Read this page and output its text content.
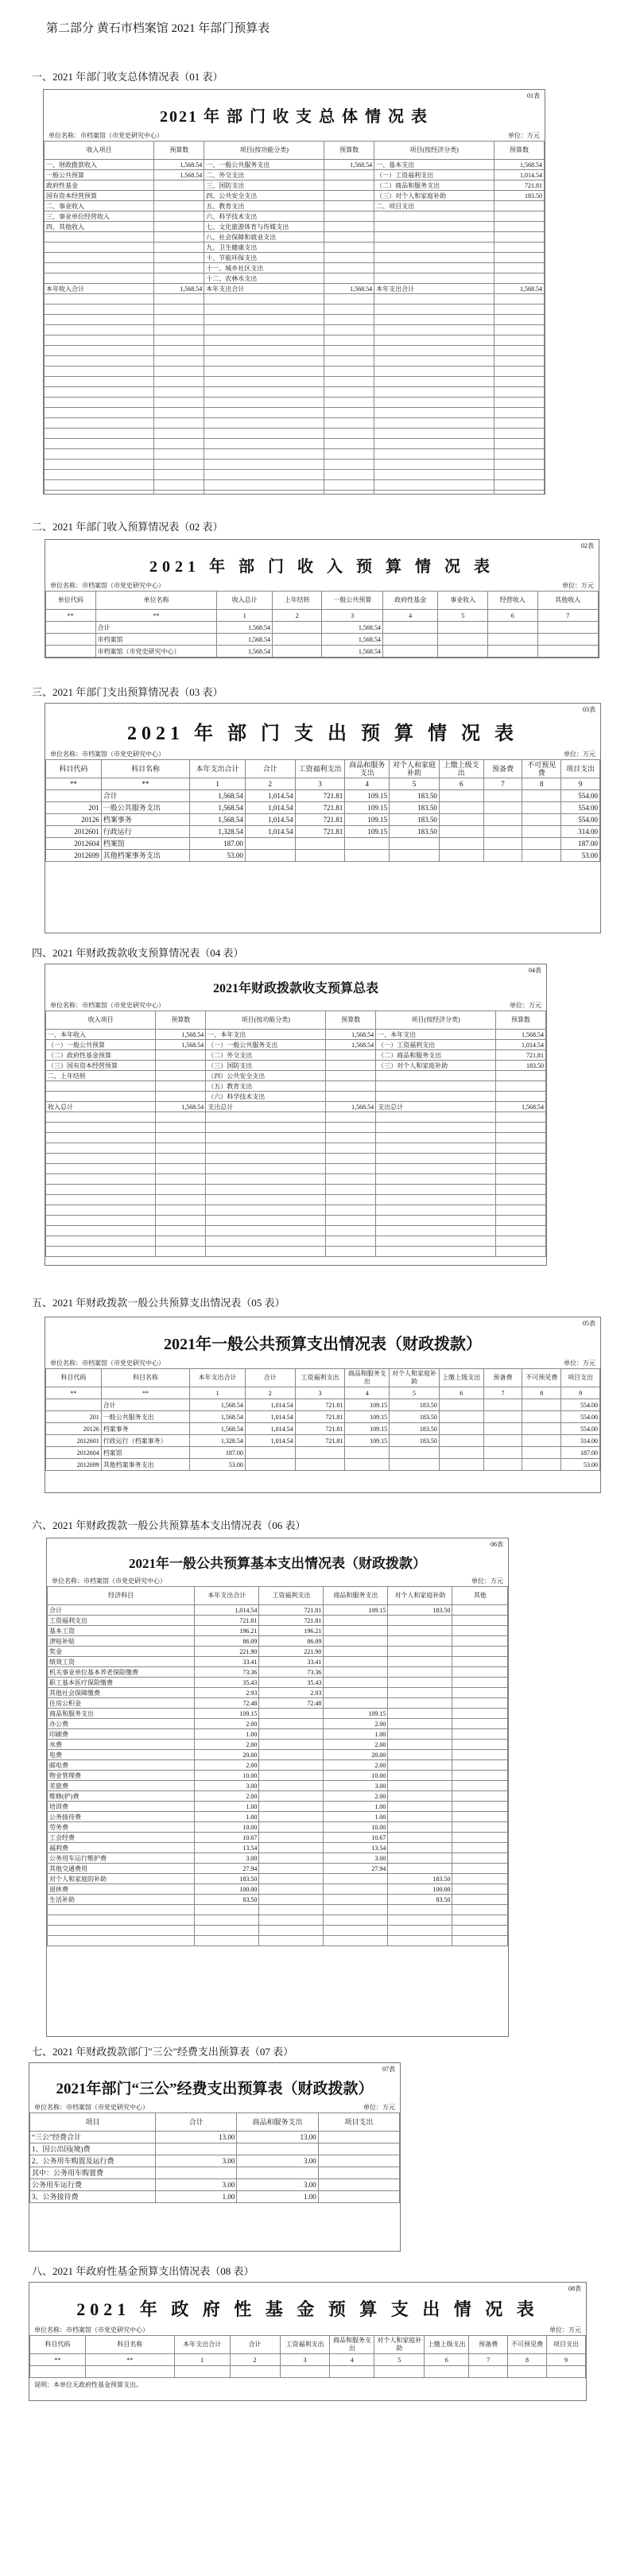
第二部分 黄石市档案馆 2021 年部门预算表
一、2021 年部门收支总体情况表（01 表）
01表
2021 年 部 门 收 支 总 体 情 况 表
单位名称：市档案馆（市党史研究中心）	单位：万元
收入项目	预算数	项目(按功能分类)	预算数	项目(按经济分类)	预算数
一、财政拨款收入	1,568.54	一、一般公共服务支出	1,568.54	一、基本支出	1,568.54
一般公共预算	1,568.54	二、外交支出		（一）工资福利支出	1,014.54
政府性基金		三、国防支出		（二）商品和服务支出	721.81
国有资本经营预算		四、公共安全支出		（三）对个人和家庭补助	183.50
二、事业收入		五、教育支出		二、项目支出	
三、事业单位经营收入		六、科学技术支出			
四、其他收入		七、文化旅游体育与传媒支出			
		八、社会保障和就业支出			
		九、卫生健康支出			
		十、节能环保支出			
		十一、城乡社区支出			
		十二、农林水支出			
本年收入合计	1,568.54	本年支出合计	1,568.54	本年支出合计	1,568.54

二、2021 年部门收入预算情况表（02 表）
02表
2021 年 部 门 收 入 预 算 情 况 表
单位名称：市档案馆（市党史研究中心）	单位：万元
单位代码	单位名称	收入总计	上年结转	一般公共预算	政府性基金	事业收入	经营收入	其他收入
**	**	1	2	3	4	5	6	7
	合计	1,568.54		1,568.54				
	市档案馆	1,568.54		1,568.54				
	市档案馆（市党史研究中心）	1,568.54		1,568.54				
三、2021 年部门支出预算情况表（03 表）
03表
2021 年 部 门 支 出 预 算 情 况 表
单位名称：市档案馆（市党史研究中心）	单位：万元
科目代码	科目名称	本年支出合计	合计	工资福利支出	商品和服务支出	对个人和家庭补助	上缴上级支出	预备费	不可预见费	项目支出
**	**	1	2	3	4	5	6	7	8	9
	合计	1,568.54	1,014.54	721.81	109.15	183.50				554.00
201	一般公共服务支出	1,568.54	1,014.54	721.81	109.15	183.50				554.00
20126	档案事务	1,568.54	1,014.54	721.81	109.15	183.50				554.00
2012601	行政运行	1,328.54	1,014.54	721.81	109.15	183.50				314.00
2012604	档案馆	187.00								187.00
2012699	其他档案事务支出	53.00								53.00
四、2021 年财政拨款收支预算情况表（04 表）
04表
2021年财政拨款收支预算总表
单位名称：市档案馆（市党史研究中心）	单位：万元
收入项目	预算数	项目(按功能分类)	预算数	项目(按经济分类)	预算数
一、本年收入	1,568.54	一、本年支出	1,568.54	一、本年支出	1,568.54
（一）一般公共预算	1,568.54	（一）一般公共服务支出	1,568.54	（一）工资福利支出	1,014.54
（二）政府性基金预算		（二）外交支出		（二）商品和服务支出	721.81
（三）国有资本经营预算		（三）国防支出		（三）对个人和家庭补助	183.50
二、上年结转		（四）公共安全支出			
		（五）教育支出			
		（六）科学技术支出			
收入总计	1,568.54	支出总计	1,568.54	支出总计	1,568.54

五、2021 年财政拨款一般公共预算支出情况表（05 表）
05表
2021年一般公共预算支出情况表（财政拨款）
单位名称：市档案馆（市党史研究中心）	单位：万元
科目代码	科目名称	本年支出合计	合计	工资福利支出	商品和服务支出	对个人和家庭补助	上缴上级支出	预备费	不可预见费	项目支出
**	**	1	2	3	4	5	6	7	8	9
	合计	1,568.54	1,014.54	721.81	109.15	183.50				554.00
201	一般公共服务支出	1,568.54	1,014.54	721.81	109.15	183.50				554.00
20126	档案事务	1,568.54	1,014.54	721.81	109.15	183.50				554.00
2012601	行政运行（档案事务）	1,328.54	1,014.54	721.81	109.15	183.50				314.00
2012604	档案馆	187.00								187.00
2012699	其他档案事务支出	53.00								53.00
六、2021 年财政拨款一般公共预算基本支出情况表（06 表）
06表
2021年一般公共预算基本支出情况表（财政拨款）
单位名称：市档案馆（市党史研究中心）	单位：万元
经济科目	本年支出合计	工资福利支出	商品和服务支出	对个人和家庭补助	其他
合计	1,014.54	721.81	109.15	183.50	
工资福利支出	721.81	721.81			
基本工资	196.21	196.21			
津贴补贴	86.09	86.09			
奖金	221.90	221.90			
绩效工资	33.41	33.41			
机关事业单位基本养老保险缴费	73.36	73.36			
职工基本医疗保险缴费	35.43	35.43			
其他社会保障缴费	2.93	2.93			
住房公积金	72.48	72.48			
商品和服务支出	109.15		109.15		
办公费	2.00		2.00		
印刷费	1.00		1.00		
水费	2.00		2.00		
电费	20.00		20.00		
邮电费	2.00		2.00		
物业管理费	10.00		10.00		
差旅费	3.00		3.00		
维修(护)费	2.00		2.00		
培训费	1.00		1.00		
公务接待费	1.00		1.00		
劳务费	10.00		10.00		
工会经费	10.67		10.67		
福利费	13.54		13.54		
公务用车运行维护费	3.00		3.00		
其他交通费用	27.94		27.94		
对个人和家庭的补助	183.50			183.50	
退休费	100.00			100.00	
生活补助	83.50			83.50	

七、2021 年财政拨款部门"三公"经费支出预算表（07 表）
07表
2021年部门“三公”经费支出预算表（财政拨款）
单位名称：市档案馆（市党史研究中心）	单位：万元
项目	合计	商品和服务支出	项目支出
“三公”经费合计	13.00	13.00	
1、因公出国(境)费			
2、公务用车购置及运行费	3.00	3.00	
其中：公务用车购置费			
公务用车运行费	3.00	3.00	
3、公务接待费	1.00	1.00	
八、2021 年政府性基金预算支出情况表（08 表）
08表
2021 年 政 府 性 基 金 预 算 支 出 情 况 表
单位名称：市档案馆（市党史研究中心）	单位：万元
科目代码	科目名称	本年支出合计	合计	工资福利支出	商品和服务支出	对个人和家庭补助	上缴上级支出	预备费	不可预见费	项目支出
**	**	1	2	3	4	5	6	7	8	9

说明：本单位无政府性基金预算支出。
